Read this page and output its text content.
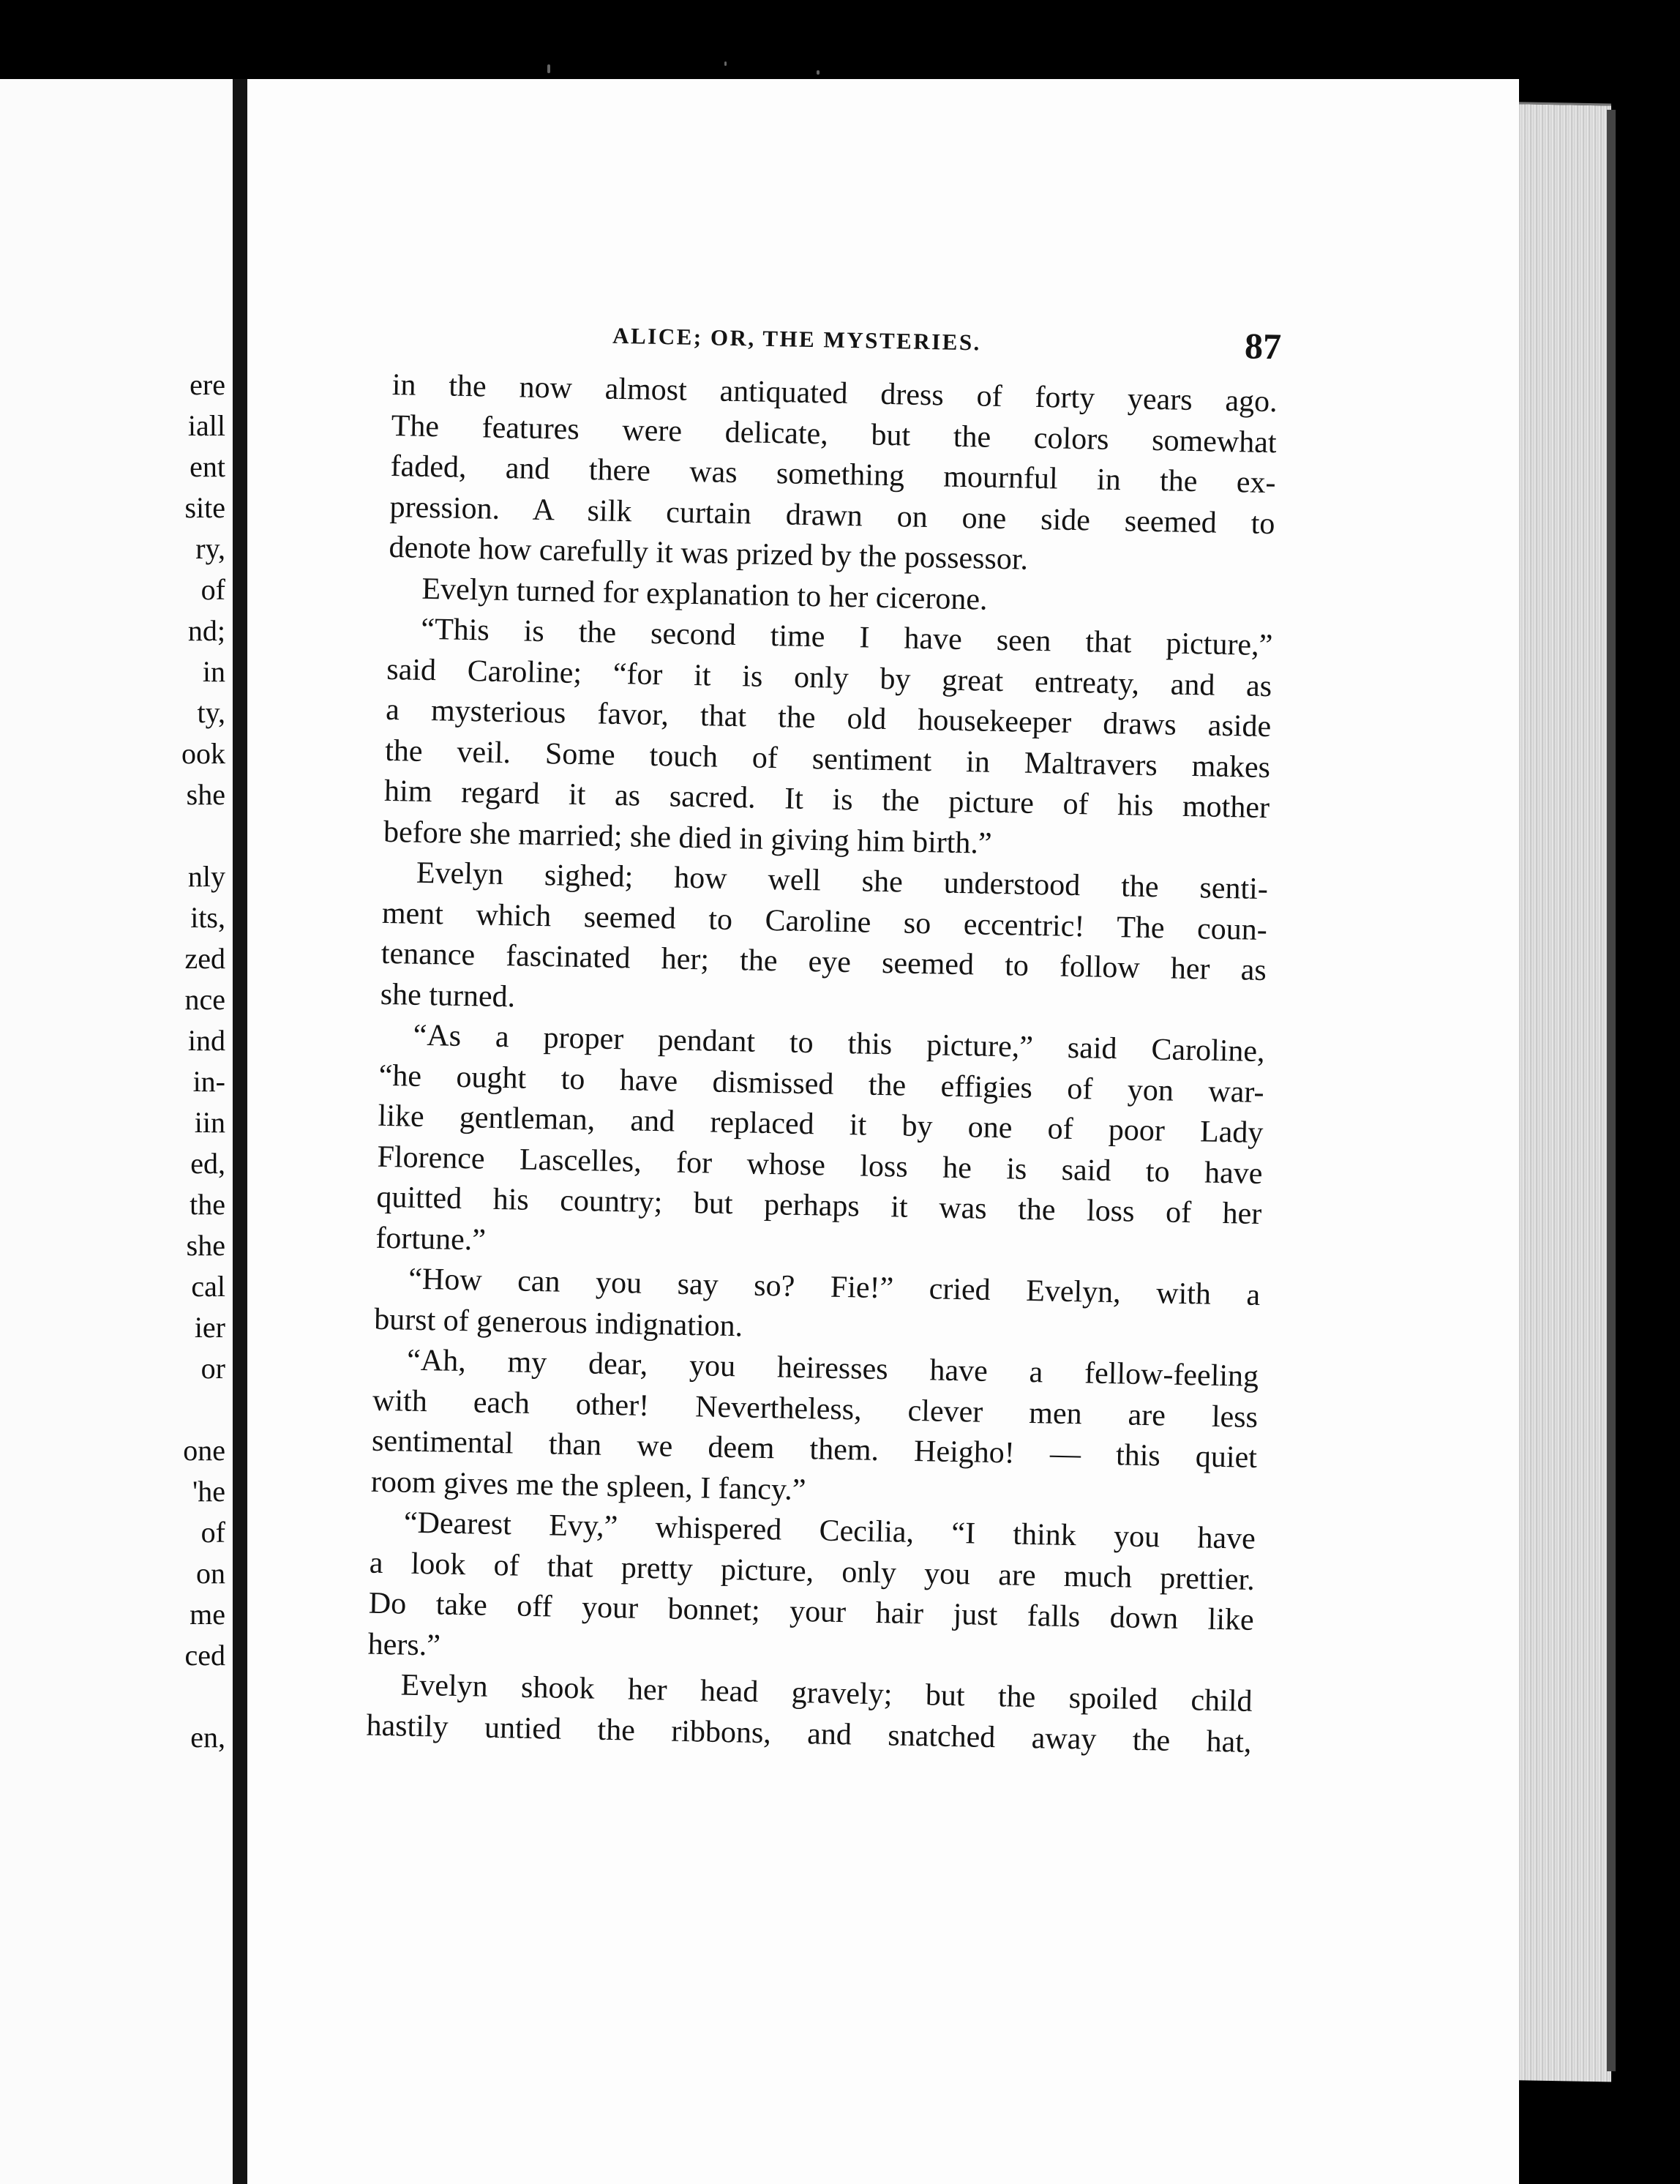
ere
iall
ent
site
ry,
of
nd;
in
ty,
ook
she
nly
its,
zed
nce
ind
in-
iin
ed,
the
she
cal
ier
or
one
'he
of
on
me
ced
en,
ALICE; OR, THE MYSTERIES.	87
in the now almost antiquated dress of forty years ago.
The features were delicate, but the colors somewhat
faded, and there was something mournful in the ex-
pression. A silk curtain drawn on one side seemed to
denote how carefully it was prized by the possessor.
Evelyn turned for explanation to her cicerone.
“This is the second time I have seen that picture,”
said Caroline; “for it is only by great entreaty, and as
a mysterious favor, that the old housekeeper draws aside
the veil. Some touch of sentiment in Maltravers makes
him regard it as sacred. It is the picture of his mother
before she married; she died in giving him birth.”
Evelyn sighed; how well she understood the senti-
ment which seemed to Caroline so eccentric! The coun-
tenance fascinated her; the eye seemed to follow her as
she turned.
“As a proper pendant to this picture,” said Caroline,
“he ought to have dismissed the effigies of yon war-
like gentleman, and replaced it by one of poor Lady
Florence Lascelles, for whose loss he is said to have
quitted his country; but perhaps it was the loss of her
fortune.”
“How can you say so? Fie!” cried Evelyn, with a
burst of generous indignation.
“Ah, my dear, you heiresses have a fellow-feeling
with each other! Nevertheless, clever men are less
sentimental than we deem them. Heigho! — this quiet
room gives me the spleen, I fancy.”
“Dearest Evy,” whispered Cecilia, “I think you have
a look of that pretty picture, only you are much prettier.
Do take off your bonnet; your hair just falls down like
hers.”
Evelyn shook her head gravely; but the spoiled child
hastily untied the ribbons, and snatched away the hat,
